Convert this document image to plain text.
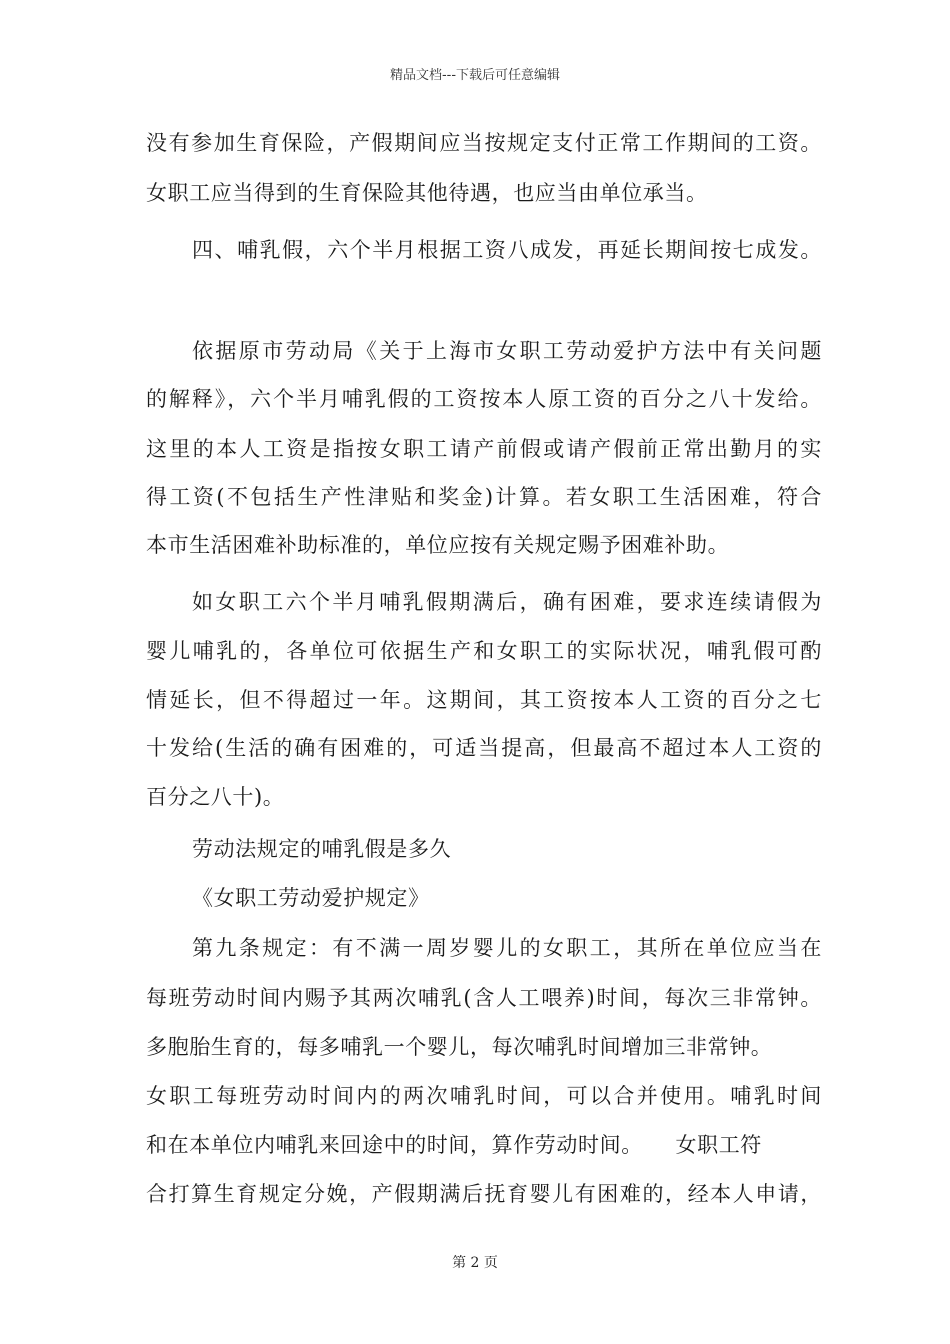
精品文档---下载后可任意编辑
没有参加生育保险，产假期间应当按规定支付正常工作期间的工资。
女职工应当得到的生育保险其他待遇，也应当由单位承当。
四、哺乳假，六个半月根据工资八成发，再延长期间按七成发。
依据原市劳动局《关于上海市女职工劳动爱护方法中有关问题
的解释》，六个半月哺乳假的工资按本人原工资的百分之八十发给。
这里的本人工资是指按女职工请产前假或请产假前正常出勤月的实
得工资(不包括生产性津贴和奖金)计算。若女职工生活困难，符合
本市生活困难补助标准的，单位应按有关规定赐予困难补助。
如女职工六个半月哺乳假期满后，确有困难，要求连续请假为
婴儿哺乳的，各单位可依据生产和女职工的实际状况，哺乳假可酌
情延长，但不得超过一年。这期间，其工资按本人工资的百分之七
十发给(生活的确有困难的，可适当提高，但最高不超过本人工资的
百分之八十)。
劳动法规定的哺乳假是多久
《女职工劳动爱护规定》
第九条规定：有不满一周岁婴儿的女职工，其所在单位应当在
每班劳动时间内赐予其两次哺乳(含人工喂养)时间，每次三非常钟。
多胞胎生育的，每多哺乳一个婴儿，每次哺乳时间增加三非常钟。
女职工每班劳动时间内的两次哺乳时间，可以合并使用。哺乳时间
和在本单位内哺乳来回途中的时间，算作劳动时间。　　女职工符
合打算生育规定分娩，产假期满后抚育婴儿有困难的，经本人申请，
第 2 页
